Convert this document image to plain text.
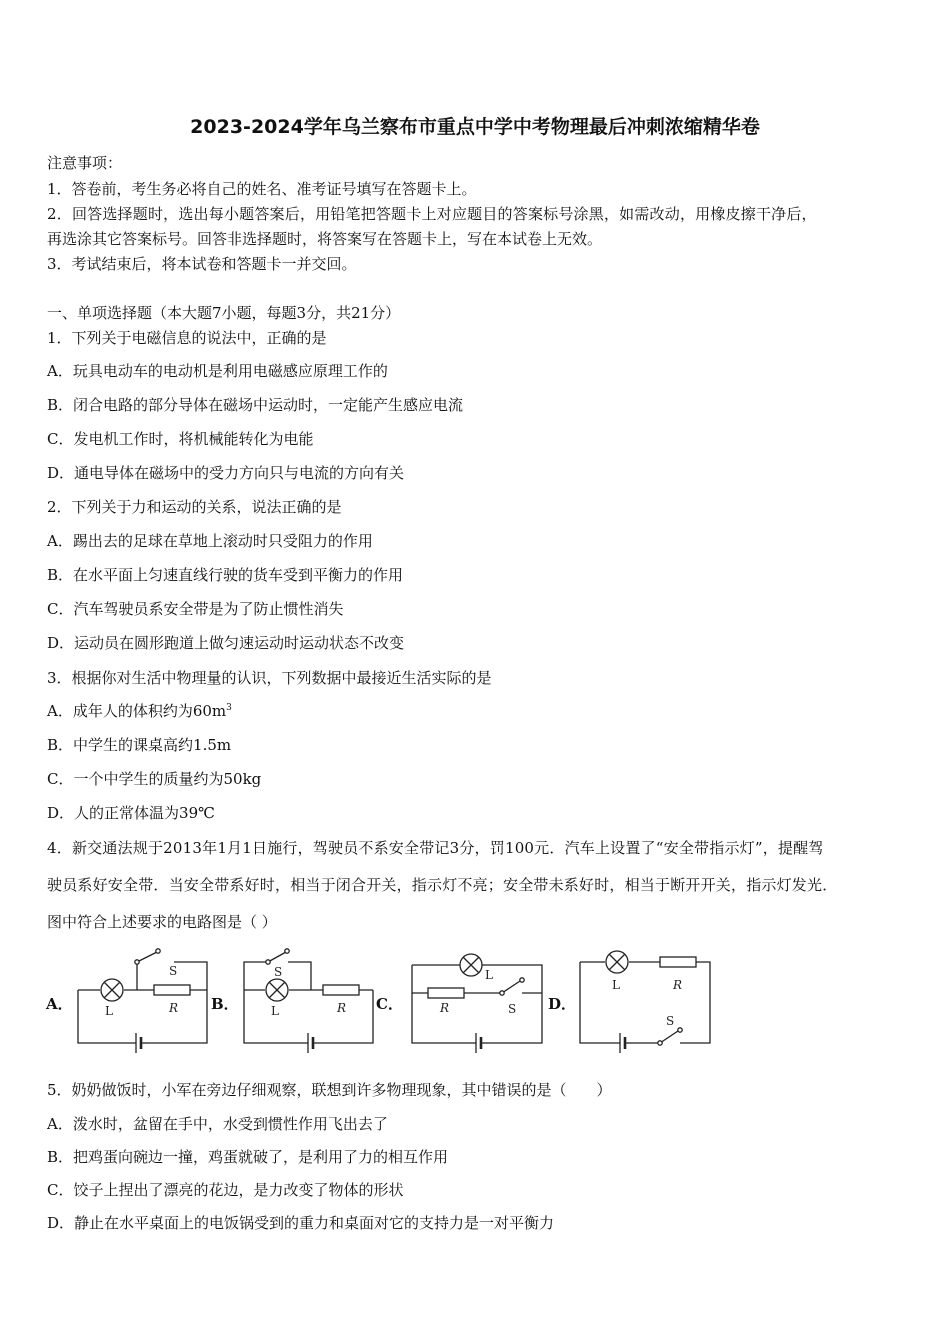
2023-2024学年乌兰察布市重点中学中考物理最后冲刺浓缩精华卷
注意事项：
1．答卷前，考生务必将自己的姓名、准考证号填写在答题卡上。
2．回答选择题时，选出每小题答案后，用铅笔把答题卡上对应题目的答案标号涂黑，如需改动，用橡皮擦干净后，
再选涂其它答案标号。回答非选择题时，将答案写在答题卡上，写在本试卷上无效。
3．考试结束后，将本试卷和答题卡一并交回。
一、单项选择题（本大题7小题，每题3分，共21分）
1．下列关于电磁信息的说法中，正确的是
A．玩具电动车的电动机是利用电磁感应原理工作的
B．闭合电路的部分导体在磁场中运动时，一定能产生感应电流
C．发电机工作时，将机械能转化为电能
D．通电导体在磁场中的受力方向只与电流的方向有关
2．下列关于力和运动的关系，说法正确的是
A．踢出去的足球在草地上滚动时只受阻力的作用
B．在水平面上匀速直线行驶的货车受到平衡力的作用
C．汽车驾驶员系安全带是为了防止惯性消失
D．运动员在圆形跑道上做匀速运动时运动状态不改变
3．根据你对生活中物理量的认识，下列数据中最接近生活实际的是
A．成年人的体积约为$60m^3$
B．中学生的课桌高约1.5m
C．一个中学生的质量约为50kg
D．人的正常体温为39℃
4．新交通法规于2013年1月1日施行，驾驶员不系安全带记3分，罚100元．汽车上设置了“安全带指示灯”，提醒驾
驶员系好安全带．当安全带系好时，相当于闭合开关，指示灯不亮；安全带未系好时，相当于断开开关，指示灯发光．
图中符合上述要求的电路图是（ ）
A．	B．	C．	D．
S
L	R
S
L	R
L
R	S
L	R
S
5．奶奶做饭时，小军在旁边仔细观察，联想到许多物理现象，其中错误的是（　　）
A．泼水时，盆留在手中，水受到惯性作用飞出去了
B．把鸡蛋向碗边一撞，鸡蛋就破了，是利用了力的相互作用
C．饺子上捏出了漂亮的花边，是力改变了物体的形状
D．静止在水平桌面上的电饭锅受到的重力和桌面对它的支持力是一对平衡力
